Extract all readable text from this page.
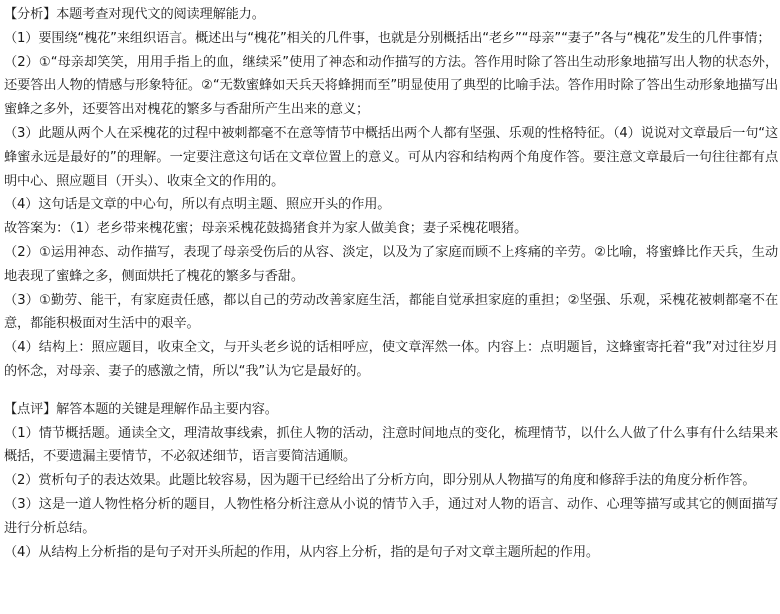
【分析】本题考查对现代文的阅读理解能力。

（1）要围绕“槐花”来组织语言。概述出与“槐花”相关的几件事，也就是分别概括出“老乡”“母亲”“妻子”各与“槐花”发生的几件事情；

（2）①“母亲却笑笑，用用手指上的血，继续采”使用了神态和动作描写的方法。答作用时除了答出生动形象地描写出人物的状态外，还要答出人物的情感与形象特征。②“无数蜜蜂如天兵天将蜂拥而至”明显使用了典型的比喻手法。答作用时除了答出生动形象地描写出蜜蜂之多外，还要答出对槐花的繁多与香甜所产生出来的意义；

（3）此题从两个人在采槐花的过程中被刺都毫不在意等情节中概括出两个人都有坚强、乐观的性格特征。（4）说说对文章最后一句“这蜂蜜永远是最好的”的理解。一定要注意这句话在文章位置上的意义。可从内容和结构两个角度作答。要注意文章最后一句往往都有点明中心、照应题目（开头）、收束全文的作用的。

（4）这句话是文章的中心句，所以有点明主题、照应开头的作用。

故答案为：（1）老乡带来槐花蜜；母亲采槐花鼓捣猪食并为家人做美食；妻子采槐花喂猪。

（2）①运用神态、动作描写，表现了母亲受伤后的从容、淡定，以及为了家庭而顾不上疼痛的辛劳。②比喻，将蜜蜂比作天兵，生动地表现了蜜蜂之多，侧面烘托了槐花的繁多与香甜。

（3）①勤劳、能干，有家庭责任感，都以自己的劳动改善家庭生活，都能自觉承担家庭的重担；②坚强、乐观，采槐花被刺都毫不在意，都能积极面对生活中的艰辛。

（4）结构上：照应题目，收束全文，与开头老乡说的话相呼应，使文章浑然一体。内容上：点明题旨，这蜂蜜寄托着“我”对过往岁月的怀念，对母亲、妻子的感激之情，所以“我”认为它是最好的。

【点评】解答本题的关键是理解作品主要内容。

（1）情节概括题。通读全文，理清故事线索，抓住人物的活动，注意时间地点的变化，梳理情节，以什么人做了什么事有什么结果来概括，不要遗漏主要情节，不必叙述细节，语言要简洁通顺。

（2）赏析句子的表达效果。此题比较容易，因为题干已经给出了分析方向，即分别从人物描写的角度和修辞手法的角度分析作答。

（3）这是一道人物性格分析的题目，人物性格分析注意从小说的情节入手，通过对人物的语言、动作、心理等描写或其它的侧面描写进行分析总结。

（4）从结构上分析指的是句子对开头所起的作用，从内容上分析，指的是句子对文章主题所起的作用。
